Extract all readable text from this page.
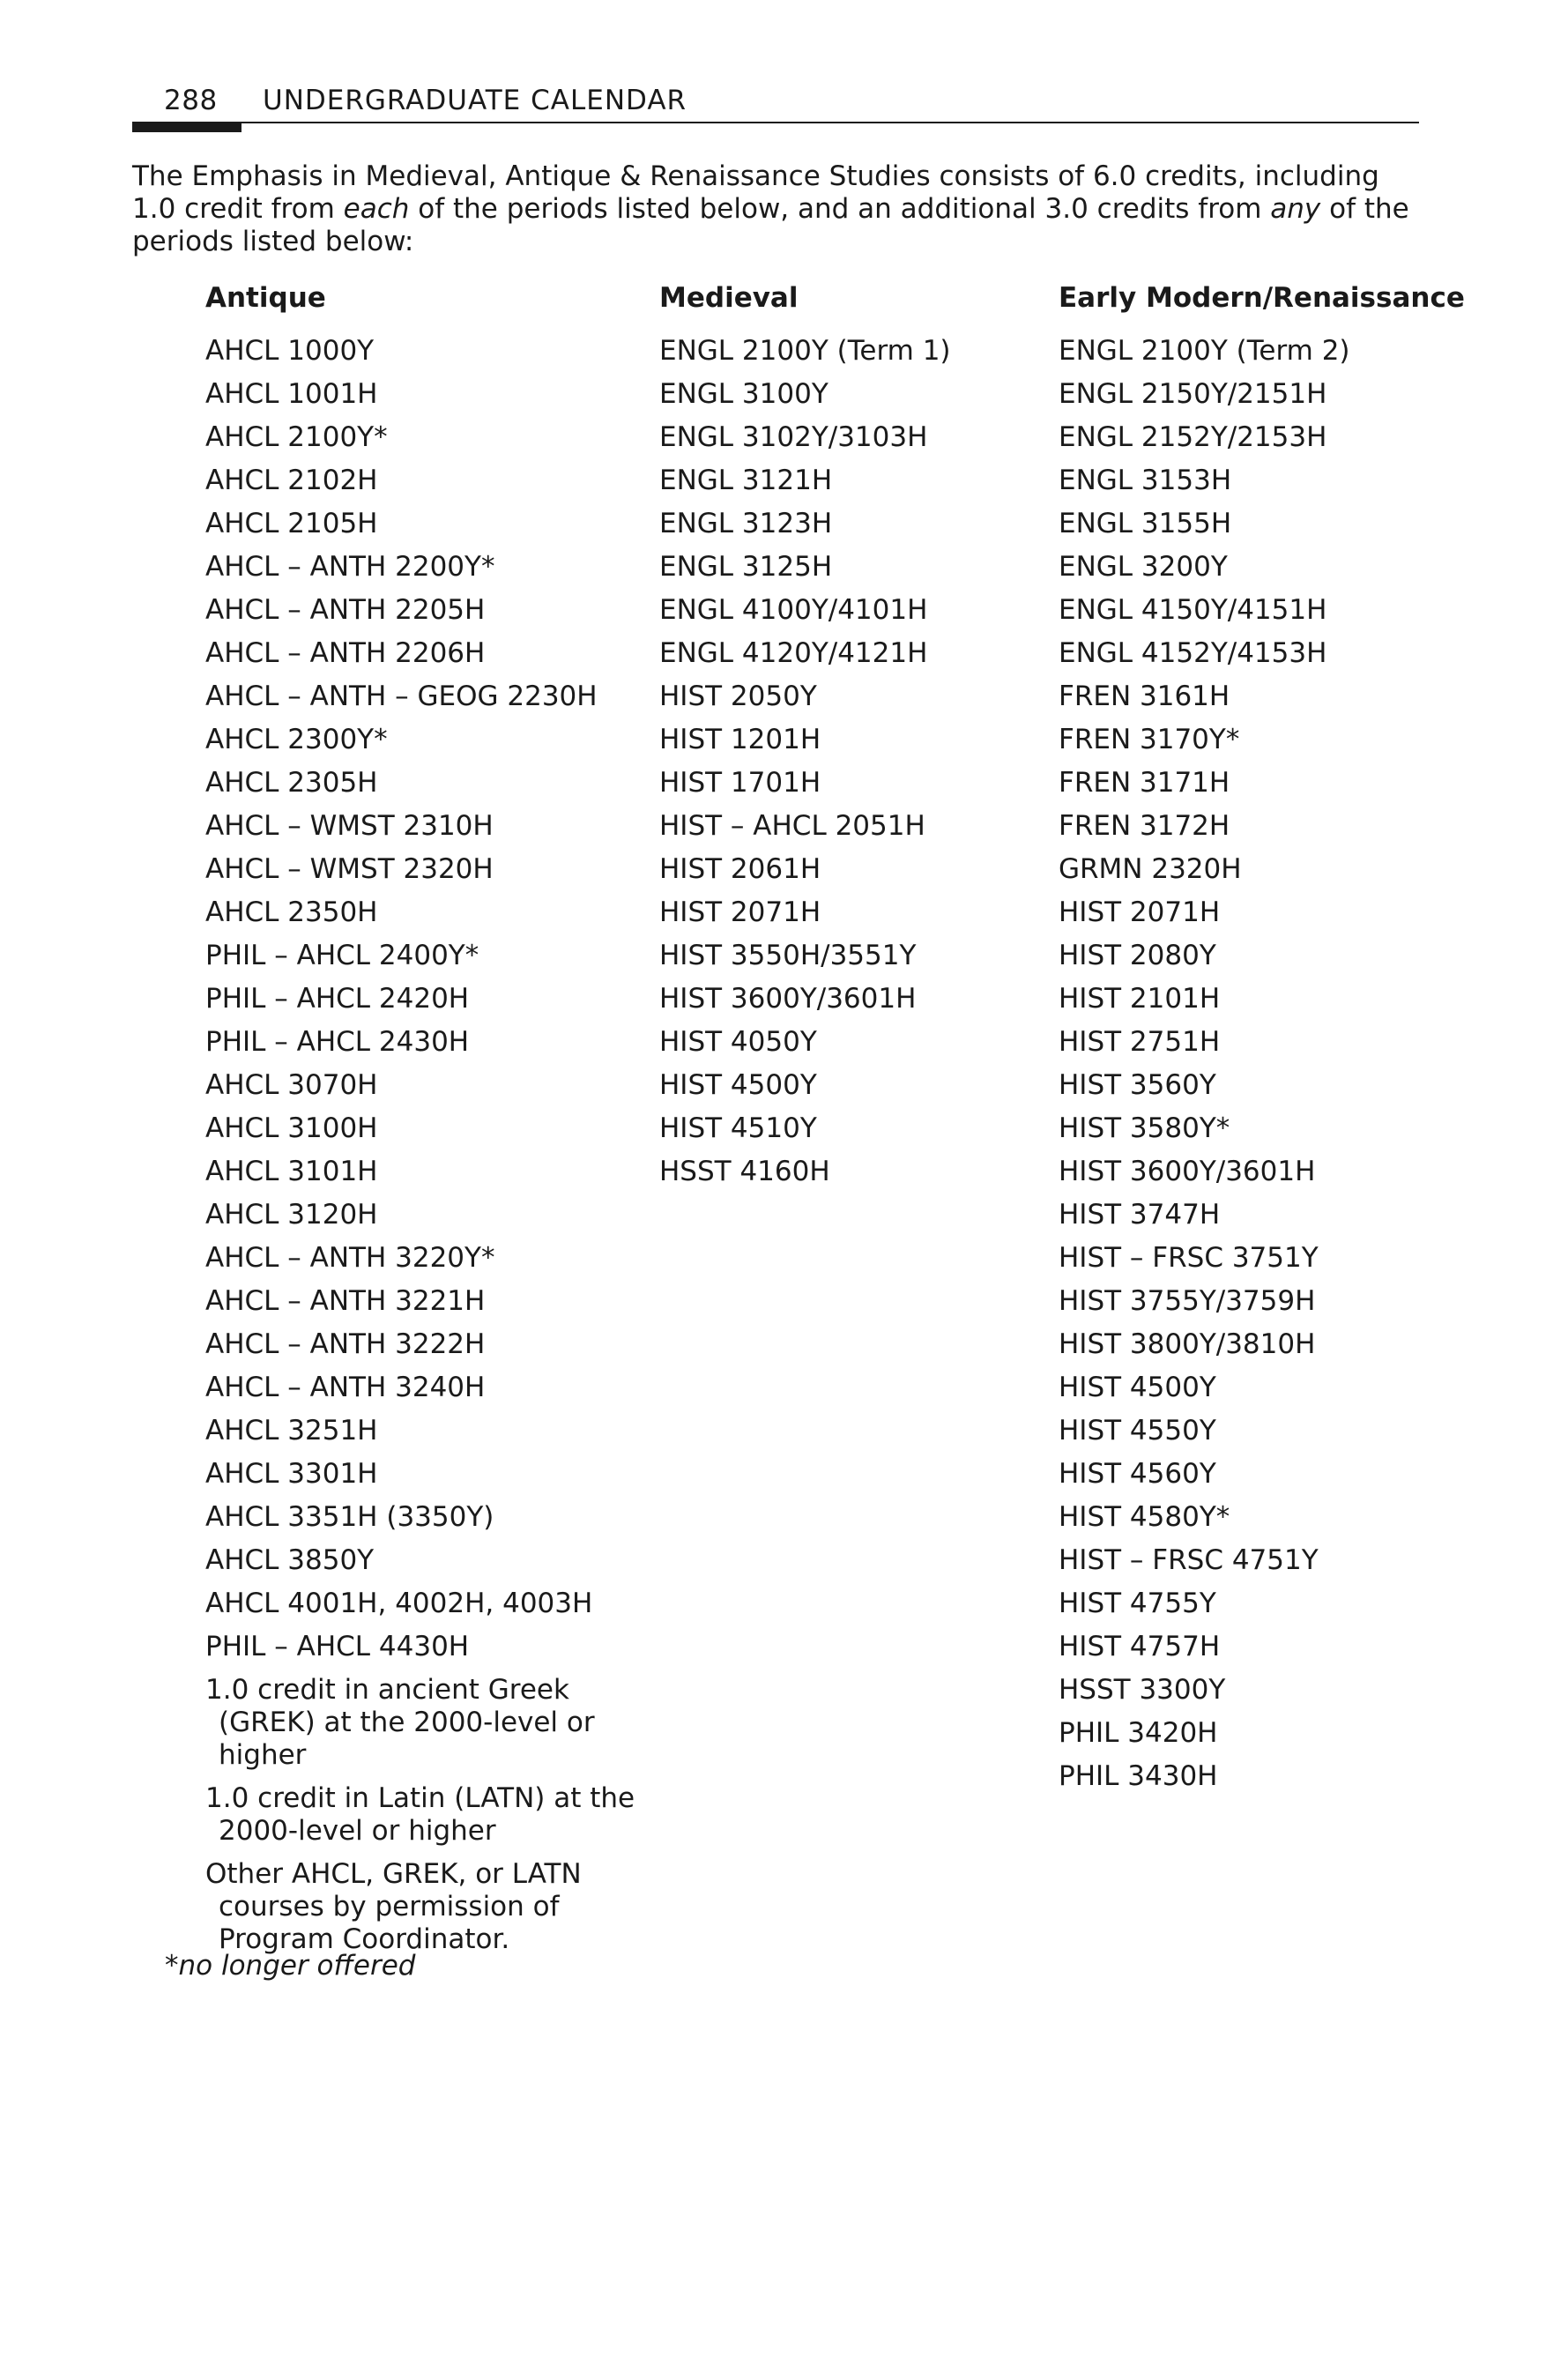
288 UNDERGRADUATE CALENDAR

The Emphasis in Medieval, Antique & Renaissance Studies consists of 6.0 credits, including 1.0 credit from each of the periods listed below, and an additional 3.0 credits from any of the periods listed below:

Antique
AHCL 1000Y
AHCL 1001H
AHCL 2100Y*
AHCL 2102H
AHCL 2105H
AHCL – ANTH 2200Y*
AHCL – ANTH 2205H
AHCL – ANTH 2206H
AHCL – ANTH – GEOG 2230H
AHCL 2300Y*
AHCL 2305H
AHCL – WMST 2310H
AHCL – WMST 2320H
AHCL 2350H
PHIL – AHCL 2400Y*
PHIL – AHCL 2420H
PHIL – AHCL 2430H
AHCL 3070H
AHCL 3100H
AHCL 3101H
AHCL 3120H
AHCL – ANTH 3220Y*
AHCL – ANTH 3221H
AHCL – ANTH 3222H
AHCL – ANTH 3240H
AHCL 3251H
AHCL 3301H
AHCL 3351H (3350Y)
AHCL 3850Y
AHCL 4001H, 4002H, 4003H
PHIL – AHCL 4430H
1.0 credit in ancient Greek (GREK) at the 2000-level or higher
1.0 credit in Latin (LATN) at the 2000-level or higher
Other AHCL, GREK, or LATN courses by permission of Program Coordinator.
Medieval
ENGL 2100Y (Term 1)
ENGL 3100Y
ENGL 3102Y/3103H
ENGL 3121H
ENGL 3123H
ENGL 3125H
ENGL 4100Y/4101H
ENGL 4120Y/4121H
HIST 2050Y
HIST 1201H
HIST 1701H
HIST – AHCL 2051H
HIST 2061H
HIST 2071H
HIST 3550H/3551Y
HIST 3600Y/3601H
HIST 4050Y
HIST 4500Y
HIST 4510Y
HSST 4160H
Early Modern/Renaissance
ENGL 2100Y (Term 2)
ENGL 2150Y/2151H
ENGL 2152Y/2153H
ENGL 3153H
ENGL 3155H
ENGL 3200Y
ENGL 4150Y/4151H
ENGL 4152Y/4153H
FREN 3161H
FREN 3170Y*
FREN 3171H
FREN 3172H
GRMN 2320H
HIST 2071H
HIST 2080Y
HIST 2101H
HIST 2751H
HIST 3560Y
HIST 3580Y*
HIST 3600Y/3601H
HIST 3747H
HIST – FRSC 3751Y
HIST 3755Y/3759H
HIST 3800Y/3810H
HIST 4500Y
HIST 4550Y
HIST 4560Y
HIST 4580Y*
HIST – FRSC 4751Y
HIST 4755Y
HIST 4757H
HSST 3300Y
PHIL 3420H
PHIL 3430H

*no longer offered
